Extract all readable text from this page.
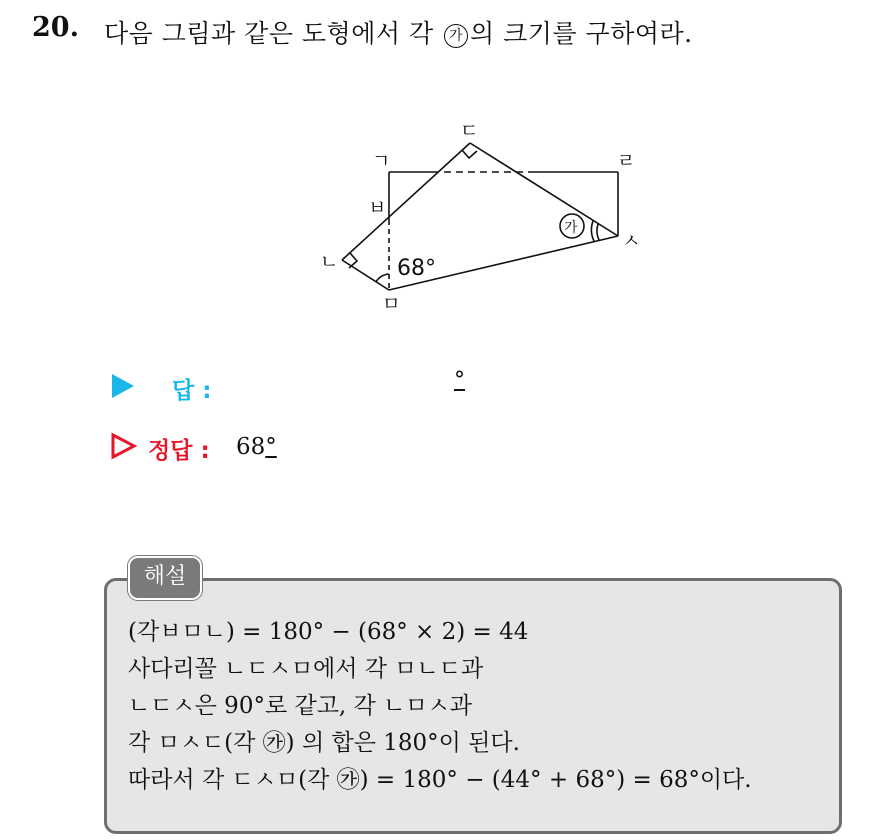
20. 다음 그림과 같은 도형에서 각 가 의 크기를 구하여라.
ㄷ
ㄱ	ㄹ
ㅂ
ㅅ
ㄴ
ㅁ
68°
가
답 :	°
정답 : 68°
해설
(각ㅂㅁㄴ) = 180° − (68° × 2) = 44
사다리꼴 ㄴㄷㅅㅁ에서 각 ㅁㄴㄷ과
ㄴㄷㅅ은 90°로 같고, 각 ㄴㅁㅅ과
각 ㅁㅅㄷ(각 ㉮) 의 합은 180°이 된다.
따라서 각 ㄷㅅㅁ(각 ㉮) = 180° − (44° + 68°) = 68°이다.
